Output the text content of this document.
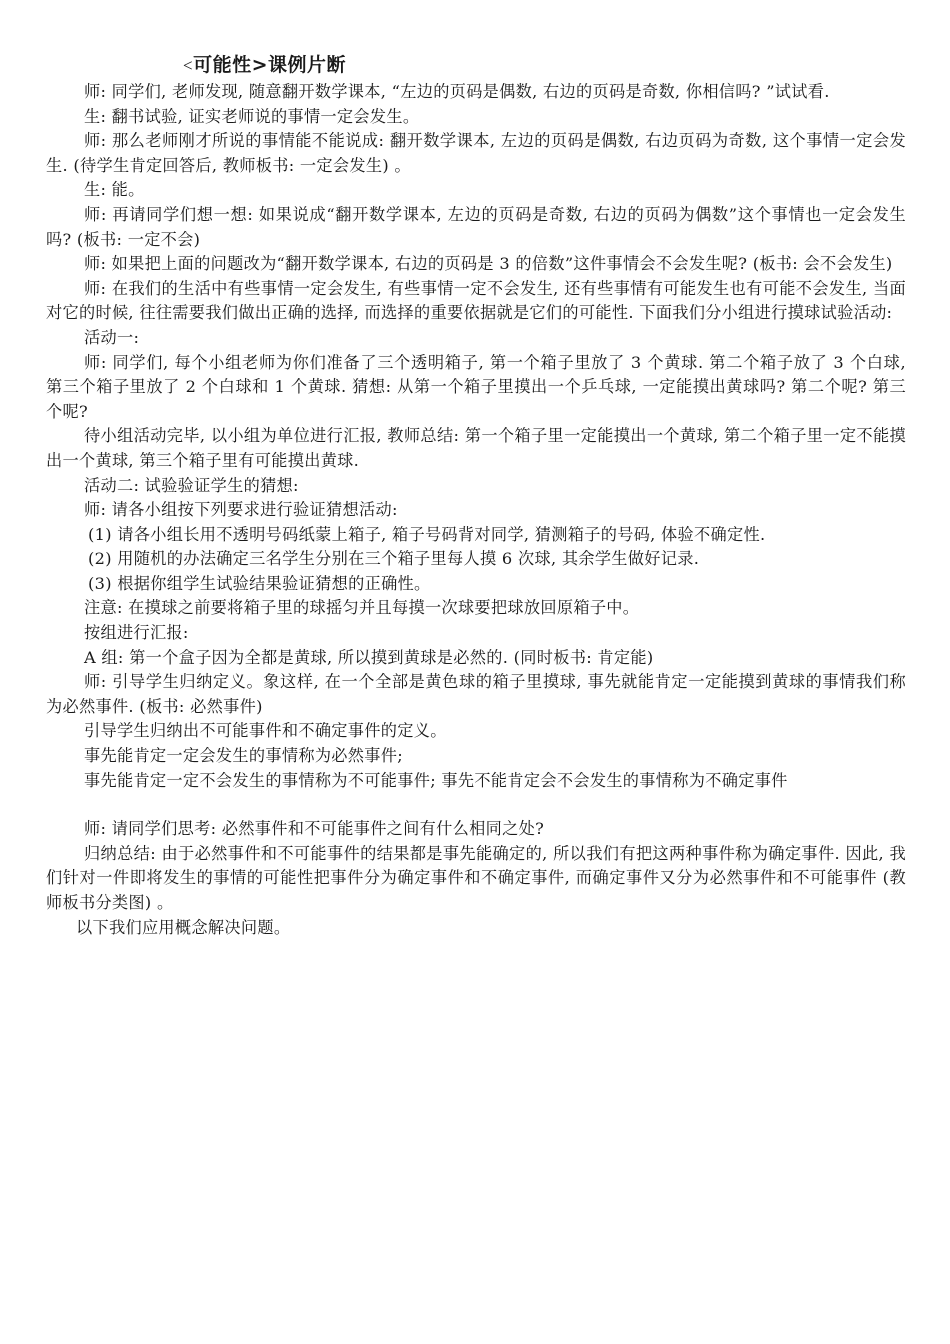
<可能性>课例片断

师: 同学们, 老师发现, 随意翻开数学课本, “左边的页码是偶数, 右边的页码是奇数, 你相信吗? ”试试看.

生: 翻书试验, 证实老师说的事情一定会发生。

师: 那么老师刚才所说的事情能不能说成: 翻开数学课本, 左边的页码是偶数, 右边页码为奇数, 这个事情一定会发生. (待学生肯定回答后, 教师板书: 一定会发生) 。

生: 能。

师: 再请同学们想一想: 如果说成“翻开数学课本, 左边的页码是奇数, 右边的页码为偶数”这个事情也一定会发生吗? (板书: 一定不会)

师: 如果把上面的问题改为“翻开数学课本, 右边的页码是 3 的倍数”这件事情会不会发生呢? (板书: 会不会发生)

师: 在我们的生活中有些事情一定会发生, 有些事情一定不会发生, 还有些事情有可能发生也有可能不会发生, 当面对它的时候, 往往需要我们做出正确的选择, 而选择的重要依据就是它们的可能性. 下面我们分小组进行摸球试验活动:

活动一:

师: 同学们, 每个小组老师为你们准备了三个透明箱子, 第一个箱子里放了 3 个黄球. 第二个箱子放了 3 个白球, 第三个箱子里放了 2 个白球和 1 个黄球. 猜想: 从第一个箱子里摸出一个乒乓球, 一定能摸出黄球吗? 第二个呢? 第三个呢?

待小组活动完毕, 以小组为单位进行汇报, 教师总结: 第一个箱子里一定能摸出一个黄球, 第二个箱子里一定不能摸出一个黄球, 第三个箱子里有可能摸出黄球.

活动二: 试验验证学生的猜想:

师: 请各小组按下列要求进行验证猜想活动:

(1) 请各小组长用不透明号码纸蒙上箱子, 箱子号码背对同学, 猜测箱子的号码, 体验不确定性.

(2) 用随机的办法确定三名学生分别在三个箱子里每人摸 6 次球, 其余学生做好记录.

(3) 根据你组学生试验结果验证猜想的正确性。

注意: 在摸球之前要将箱子里的球摇匀并且每摸一次球要把球放回原箱子中。

按组进行汇报:

A 组: 第一个盒子因为全都是黄球, 所以摸到黄球是必然的. (同时板书: 肯定能)

师: 引导学生归纳定义。象这样, 在一个全部是黄色球的箱子里摸球, 事先就能肯定一定能摸到黄球的事情我们称为必然事件. (板书: 必然事件)

引导学生归纳出不可能事件和不确定事件的定义。

事先能肯定一定会发生的事情称为必然事件;

事先能肯定一定不会发生的事情称为不可能事件; 事先不能肯定会不会发生的事情称为不确定事件

师: 请同学们思考: 必然事件和不可能事件之间有什么相同之处?

归纳总结: 由于必然事件和不可能事件的结果都是事先能确定的, 所以我们有把这两种事件称为确定事件. 因此, 我们针对一件即将发生的事情的可能性把事件分为确定事件和不确定事件, 而确定事件又分为必然事件和不可能事件 (教师板书分类图) 。

以下我们应用概念解决问题。
